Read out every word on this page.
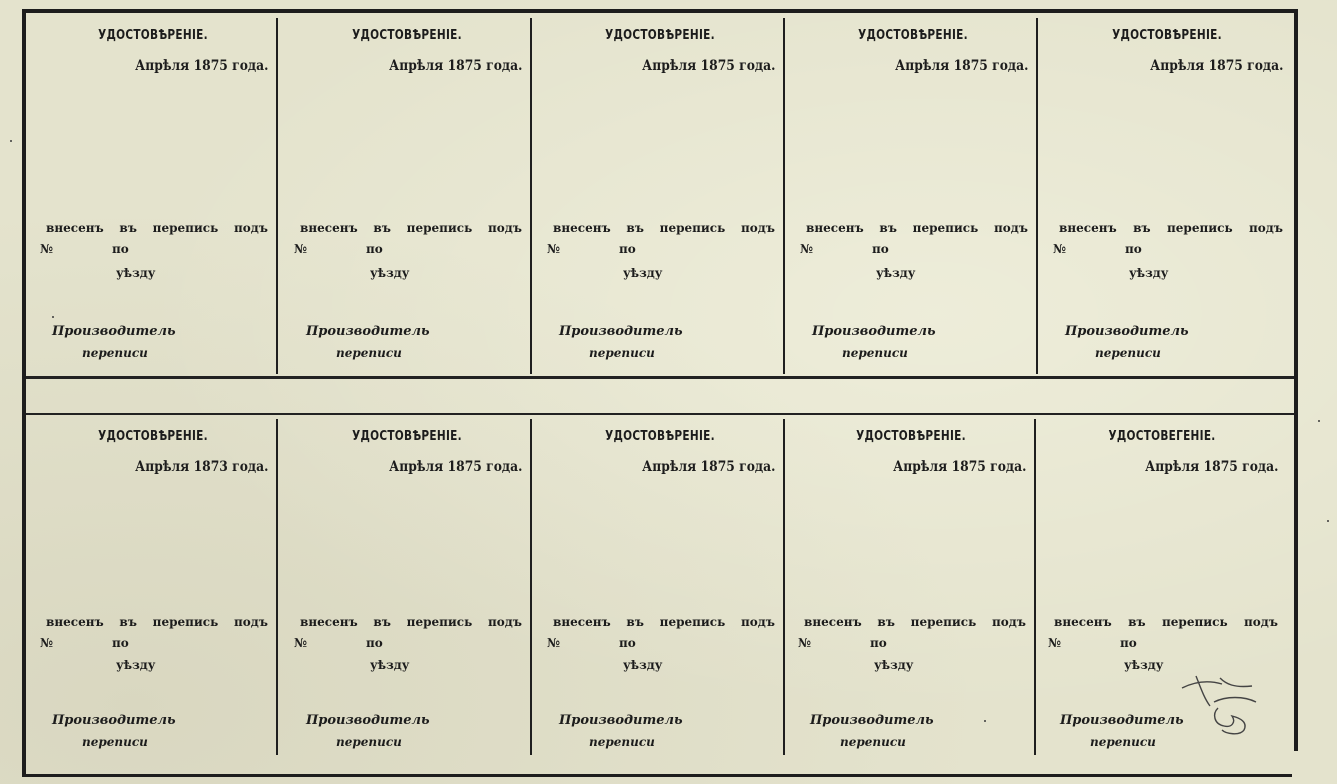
УДОСТОВѢРЕНІЕ.
Апрѣля 1875 года.
внесенъ въ перепись подъ
№	по
уѣзду
Производитель
переписи
УДОСТОВѢРЕНІЕ.
Апрѣля 1875 года.
внесенъ въ перепись подъ
№	по
уѣзду
Производитель
переписи
УДОСТОВѢРЕНІЕ.
Апрѣля 1875 года.
внесенъ въ перепись подъ
№	по
уѣзду
Производитель
переписи
УДОСТОВѢРЕНІЕ.
Апрѣля 1875 года.
внесенъ въ перепись подъ
№	по
уѣзду
Производитель
переписи
УДОСТОВѢРЕНІЕ.
Апрѣля 1875 года.
внесенъ въ перепись подъ
№	по
уѣзду
Производитель
переписи
УДОСТОВѢРЕНІЕ.
Апрѣля 1873 года.
внесенъ въ перепись подъ
№	по
уѣзду
Производитель
переписи
УДОСТОВѢРЕНІЕ.
Апрѣля 1875 года.
внесенъ въ перепись подъ
№	по
уѣзду
Производитель
переписи
УДОСТОВѢРЕНІЕ.
Апрѣля 1875 года.
внесенъ въ перепись подъ
№	по
уѣзду
Производитель
переписи
УДОСТОВѢРЕНІЕ.
Апрѣля 1875 года.
внесенъ въ перепись подъ
№	по
уѣзду
Производитель
переписи
УДОСТОВЕГЕНІЕ.
Апрѣля 1875 года.
внесенъ въ перепись подъ
№	по
уѣзду
Производитель
переписи
